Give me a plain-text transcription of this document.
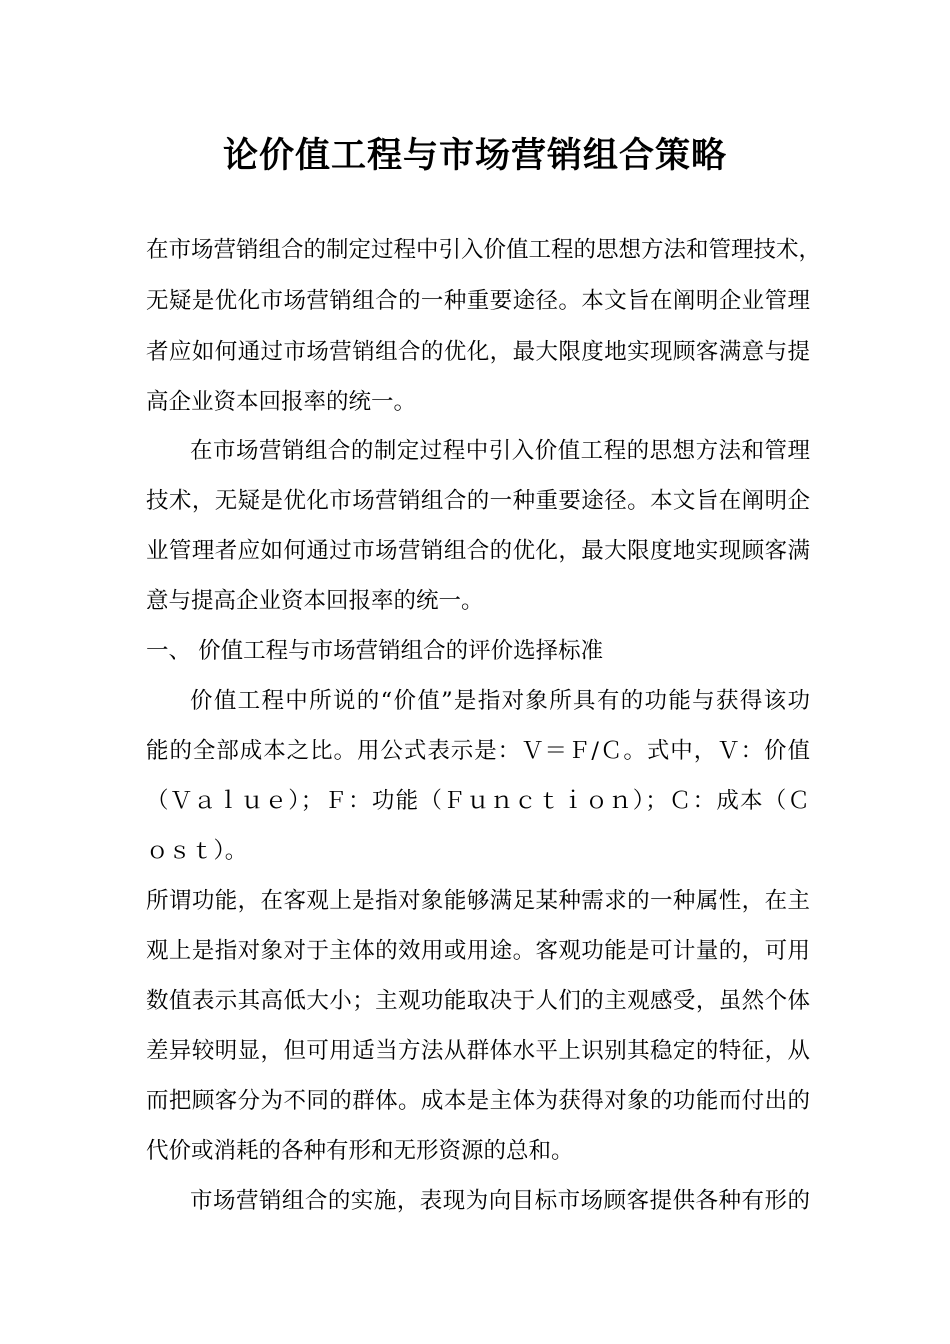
论价值工程与市场营销组合策略
在市场营销组合的制定过程中引入价值工程的思想方法和管理技术，
无疑是优化市场营销组合的一种重要途径。本文旨在阐明企业管理
者应如何通过市场营销组合的优化，最大限度地实现顾客满意与提
高企业资本回报率的统一。
在市场营销组合的制定过程中引入价值工程的思想方法和管理
技术，无疑是优化市场营销组合的一种重要途径。本文旨在阐明企
业管理者应如何通过市场营销组合的优化，最大限度地实现顾客满
意与提高企业资本回报率的统一。
一、 价值工程与市场营销组合的评价选择标准
价值工程中所说的“价值”是指对象所具有的功能与获得该功
能的全部成本之比。用公式表示是：Ｖ＝Ｆ/Ｃ。式中，Ｖ：价值
（Ｖａｌｕｅ）；Ｆ：功能（Ｆｕｎｃｔｉｏｎ）；Ｃ：成本（Ｃ
ｏｓｔ）。
所谓功能，在客观上是指对象能够满足某种需求的一种属性，在主
观上是指对象对于主体的效用或用途。客观功能是可计量的，可用
数值表示其高低大小；主观功能取决于人们的主观感受，虽然个体
差异较明显，但可用适当方法从群体水平上识别其稳定的特征，从
而把顾客分为不同的群体。成本是主体为获得对象的功能而付出的
代价或消耗的各种有形和无形资源的总和。
市场营销组合的实施，表现为向目标市场顾客提供各种有形的
